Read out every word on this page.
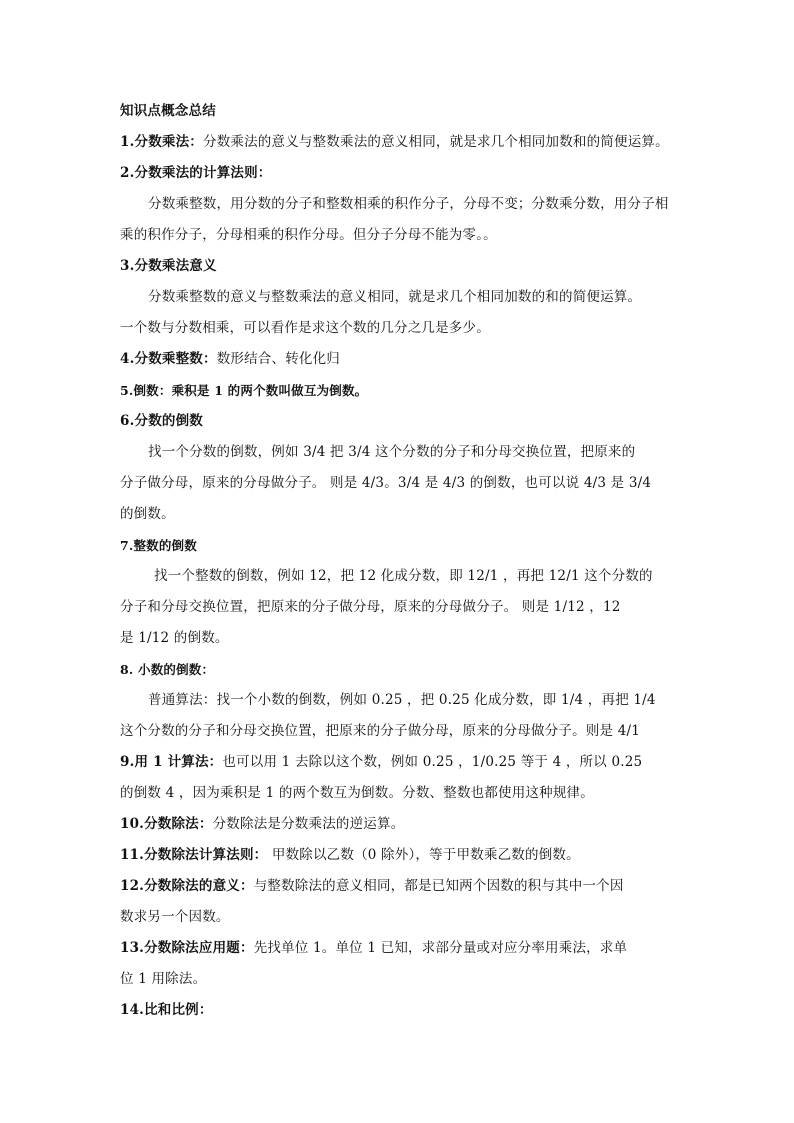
知识点概念总结
1.分数乘法：分数乘法的意义与整数乘法的意义相同，就是求几个相同加数和的简便运算。
2.分数乘法的计算法则：
分数乘整数，用分数的分子和整数相乘的积作分子，分母不变；分数乘分数，用分子相
乘的积作分子，分母相乘的积作分母。但分子分母不能为零。。
3.分数乘法意义
分数乘整数的意义与整数乘法的意义相同，就是求几个相同加数的和的简便运算。
一个数与分数相乘，可以看作是求这个数的几分之几是多少。
4.分数乘整数：数形结合、转化化归
5.倒数：乘积是 1 的两个数叫做互为倒数。
6.分数的倒数
找一个分数的倒数，例如 3/4 把 3/4 这个分数的分子和分母交换位置，把原来的
分子做分母，原来的分母做分子。 则是 4/3。3/4 是 4/3 的倒数，也可以说 4/3 是 3/4
的倒数。
7.整数的倒数
找一个整数的倒数，例如 12，把 12 化成分数，即 12/1 ，再把 12/1 这个分数的
分子和分母交换位置，把原来的分子做分母，原来的分母做分子。 则是 1/12 ，12
是 1/12 的倒数。
8. 小数的倒数：
普通算法：找一个小数的倒数，例如 0.25 ，把 0.25 化成分数，即 1/4 ，再把 1/4
这个分数的分子和分母交换位置，把原来的分子做分母，原来的分母做分子。则是 4/1
9.用 1 计算法：也可以用 1 去除以这个数，例如 0.25 ，1/0.25 等于 4 ，所以 0.25
的倒数 4 ，因为乘积是 1 的两个数互为倒数。分数、整数也都使用这种规律。
10.分数除法：分数除法是分数乘法的逆运算。
11.分数除法计算法则： 甲数除以乙数（0 除外），等于甲数乘乙数的倒数。
12.分数除法的意义：与整数除法的意义相同，都是已知两个因数的积与其中一个因
数求另一个因数。
13.分数除法应用题：先找单位 1。单位 1 已知，求部分量或对应分率用乘法，求单
位 1 用除法。
14.比和比例：
